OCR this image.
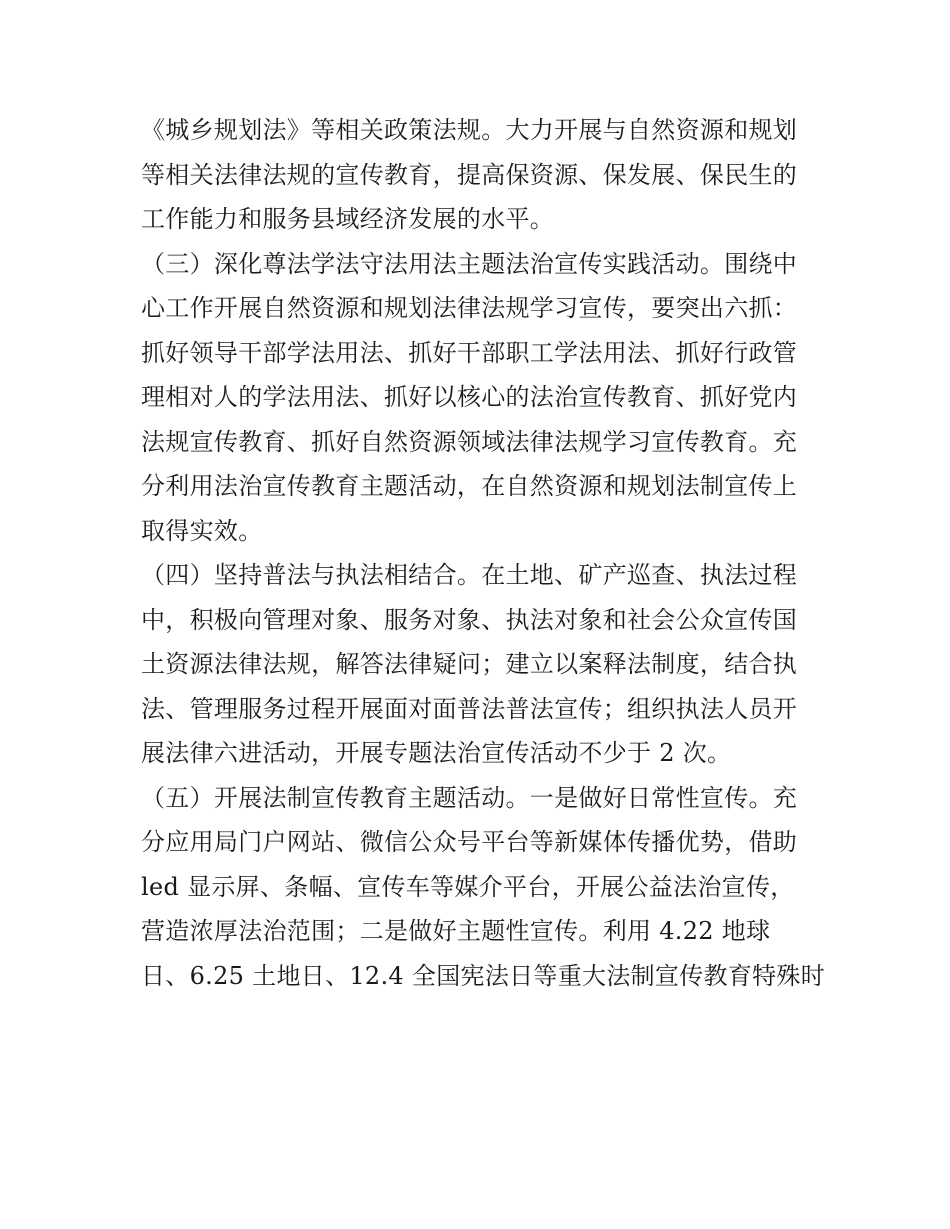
《城乡规划法》等相关政策法规。大力开展与自然资源和规划
等相关法律法规的宣传教育，提高保资源、保发展、保民生的
工作能力和服务县域经济发展的水平。
（三）深化尊法学法守法用法主题法治宣传实践活动。围绕中
心工作开展自然资源和规划法律法规学习宣传，要突出六抓：
抓好领导干部学法用法、抓好干部职工学法用法、抓好行政管
理相对人的学法用法、抓好以核心的法治宣传教育、抓好党内
法规宣传教育、抓好自然资源领域法律法规学习宣传教育。充
分利用法治宣传教育主题活动，在自然资源和规划法制宣传上
取得实效。
（四）坚持普法与执法相结合。在土地、矿产巡查、执法过程
中，积极向管理对象、服务对象、执法对象和社会公众宣传国
土资源法律法规，解答法律疑问；建立以案释法制度，结合执
法、管理服务过程开展面对面普法普法宣传；组织执法人员开
展法律六进活动，开展专题法治宣传活动不少于 2 次。
（五）开展法制宣传教育主题活动。一是做好日常性宣传。充
分应用局门户网站、微信公众号平台等新媒体传播优势，借助
led 显示屏、条幅、宣传车等媒介平台，开展公益法治宣传，
营造浓厚法治范围；二是做好主题性宣传。利用 4.22 地球
日、6.25 土地日、12.4 全国宪法日等重大法制宣传教育特殊时
